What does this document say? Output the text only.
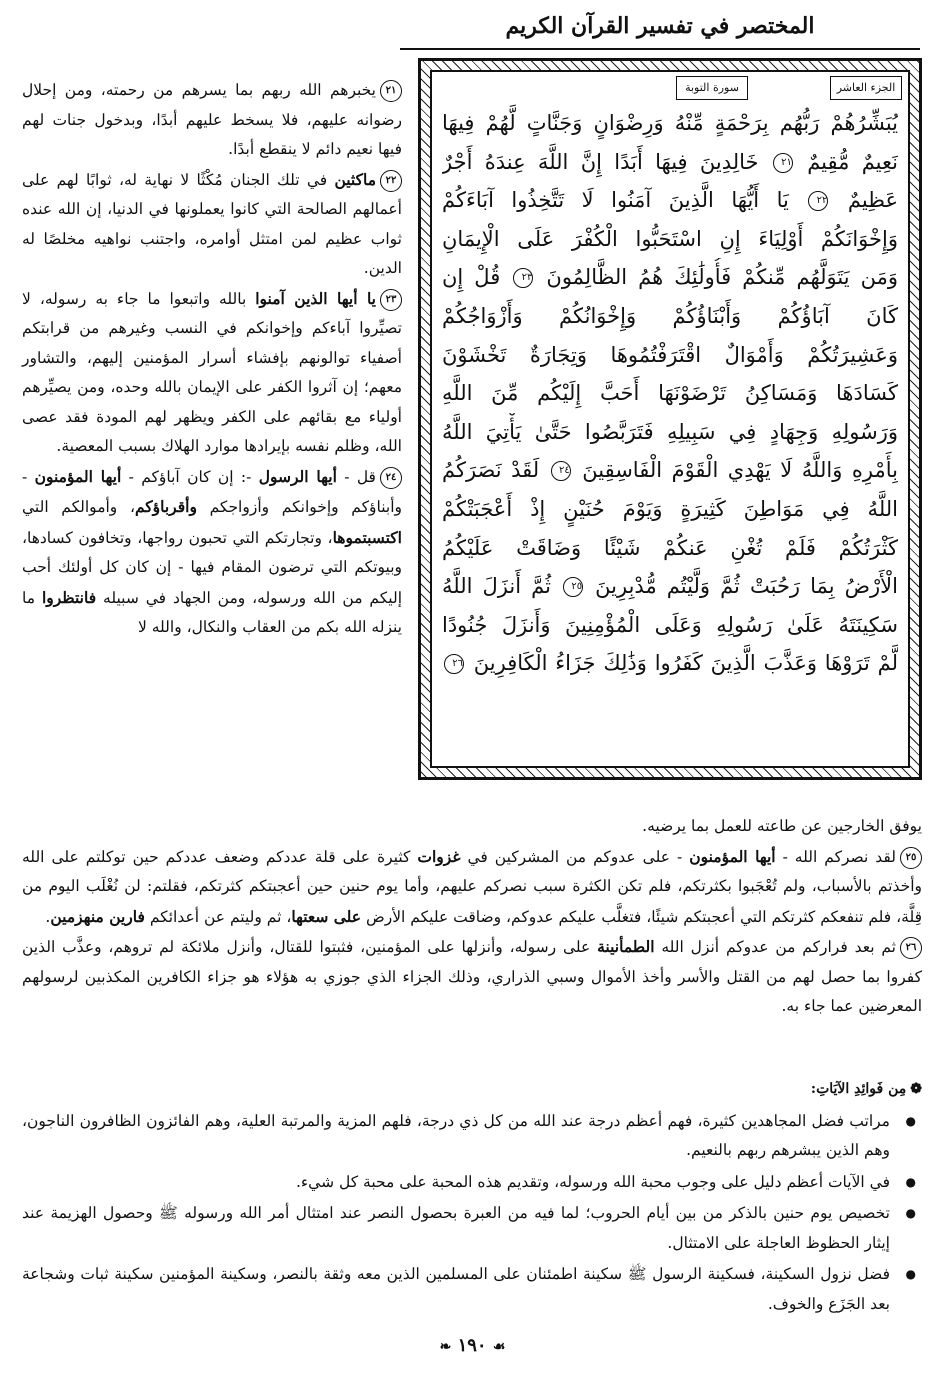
المختصر في تفسير القرآن الكريم
الجزء العاشر
سورة التوبة
يُبَشِّرُهُمْ رَبُّهُم بِرَحْمَةٍ مِّنْهُ وَرِضْوَانٍ وَجَنَّاتٍ لَّهُمْ فِيهَا
نَعِيمٌ مُّقِيمٌ ٢١ خَالِدِينَ فِيهَا أَبَدًا إِنَّ اللَّهَ عِندَهُ أَجْرٌ
عَظِيمٌ ٢٢ يَا أَيُّهَا الَّذِينَ آمَنُوا لَا تَتَّخِذُوا آبَاءَكُمْ
وَإِخْوَانَكُمْ أَوْلِيَاءَ إِنِ اسْتَحَبُّوا الْكُفْرَ عَلَى الْإِيمَانِ
وَمَن يَتَوَلَّهُم مِّنكُمْ فَأُولَٰئِكَ هُمُ الظَّالِمُونَ ٢٣ قُلْ إِن
كَانَ آبَاؤُكُمْ وَأَبْنَاؤُكُمْ وَإِخْوَانُكُمْ وَأَزْوَاجُكُمْ
وَعَشِيرَتُكُمْ وَأَمْوَالٌ اقْتَرَفْتُمُوهَا وَتِجَارَةٌ تَخْشَوْنَ
كَسَادَهَا وَمَسَاكِنُ تَرْضَوْنَهَا أَحَبَّ إِلَيْكُم مِّنَ اللَّهِ
وَرَسُولِهِ وَجِهَادٍ فِي سَبِيلِهِ فَتَرَبَّصُوا حَتَّىٰ يَأْتِيَ اللَّهُ
بِأَمْرِهِ وَاللَّهُ لَا يَهْدِي الْقَوْمَ الْفَاسِقِينَ ٢٤ لَقَدْ نَصَرَكُمُ
اللَّهُ فِي مَوَاطِنَ كَثِيرَةٍ وَيَوْمَ حُنَيْنٍ إِذْ أَعْجَبَتْكُمْ
كَثْرَتُكُمْ فَلَمْ تُغْنِ عَنكُمْ شَيْئًا وَضَاقَتْ عَلَيْكُمُ
الْأَرْضُ بِمَا رَحُبَتْ ثُمَّ وَلَّيْتُم مُّدْبِرِينَ ٢٥ ثُمَّ أَنزَلَ اللَّهُ
سَكِينَتَهُ عَلَىٰ رَسُولِهِ وَعَلَى الْمُؤْمِنِينَ وَأَنزَلَ جُنُودًا
لَّمْ تَرَوْهَا وَعَذَّبَ الَّذِينَ كَفَرُوا وَذَٰلِكَ جَزَاءُ الْكَافِرِينَ ٢٦

٢١يخبرهم الله ربهم بما يسرهم من رحمته، ومن إحلال رضوانه عليهم، فلا يسخط عليهم أبدًا، وبدخول جنات لهم فيها نعيم دائم لا ينقطع أبدًا.

٢٢ماكثين في تلك الجنان مُكْثًا لا نهاية له، ثوابًا لهم على أعمالهم الصالحة التي كانوا يعملونها في الدنيا، إن الله عنده ثواب عظيم لمن امتثل أوامره، واجتنب نواهيه مخلصًا له الدين.

٢٣يا أيها الذين آمنوا بالله واتبعوا ما جاء به رسوله، لا تصيِّروا آباءكم وإخوانكم في النسب وغيرهم من قرابتكم أصفياء توالونهم بإفشاء أسرار المؤمنين إليهم، والتشاور معهم؛ إن آثروا الكفر على الإيمان بالله وحده، ومن يصيِّرهم أولياء مع بقائهم على الكفر ويظهر لهم المودة فقد عصى الله، وظلم نفسه بإيرادها موارد الهلاك بسبب المعصية.

٢٤قل - أيها الرسول -: إن كان آباؤكم - أيها المؤمنون - وأبناؤكم وإخوانكم وأزواجكم وأقرباؤكم، وأموالكم التي اكتسبتموها، وتجارتكم التي تحبون رواجها، وتخافون كسادها، وبيوتكم التي ترضون المقام فيها - إن كان كل أولئك أحب إليكم من الله ورسوله، ومن الجهاد في سبيله فانتظروا ما ينزله الله بكم من العقاب والنكال، والله لا

يوفق الخارجين عن طاعته للعمل بما يرضيه.

٢٥لقد نصركم الله - أيها المؤمنون - على عدوكم من المشركين في غزوات كثيرة على قلة عددكم وضعف عددكم حين توكلتم على الله وأخذتم بالأسباب، ولم تُعْجَبوا بكثرتكم، فلم تكن الكثرة سبب نصركم عليهم، وأما يوم حنين حين أعجبتكم كثرتكم، فقلتم: لن نُغْلَب اليوم من قِلَّة، فلم تنفعكم كثرتكم التي أعجبتكم شيئًا، فتغلَّب عليكم عدوكم، وضاقت عليكم الأرض على سعتها، ثم وليتم عن أعدائكم فارين منهزمين.

٢٦ثم بعد فراركم من عدوكم أنزل الله الطمأنينة على رسوله، وأنزلها على المؤمنين، فثبتوا للقتال، وأنزل ملائكة لم تروهم، وعذَّب الذين كفروا بما حصل لهم من القتل والأسر وأخذ الأموال وسبي الذراري، وذلك الجزاء الذي جوزي به هؤلاء هو جزاء الكافرين المكذبين لرسولهم المعرضين عما جاء به.

❁مِن فَوائِدِ الآيَاتِ:
● مراتب فضل المجاهدين كثيرة، فهم أعظم درجة عند الله من كل ذي درجة، فلهم المزية والمرتبة العلية، وهم الفائزون الظافرون الناجون، وهم الذين يبشرهم ربهم بالنعيم.
● في الآيات أعظم دليل على وجوب محبة الله ورسوله، وتقديم هذه المحبة على محبة كل شيء.
● تخصيص يوم حنين بالذكر من بين أيام الحروب؛ لما فيه من العبرة بحصول النصر عند امتثال أمر الله ورسوله ﷺ وحصول الهزيمة عند إيثار الحظوظ العاجلة على الامتثال.
● فضل نزول السكينة، فسكينة الرسول ﷺ سكينة اطمئنان على المسلمين الذين معه وثقة بالنصر، وسكينة المؤمنين سكينة ثبات وشجاعة بعد الجَزَع والخوف.
❧ ١٩٠ ☙
